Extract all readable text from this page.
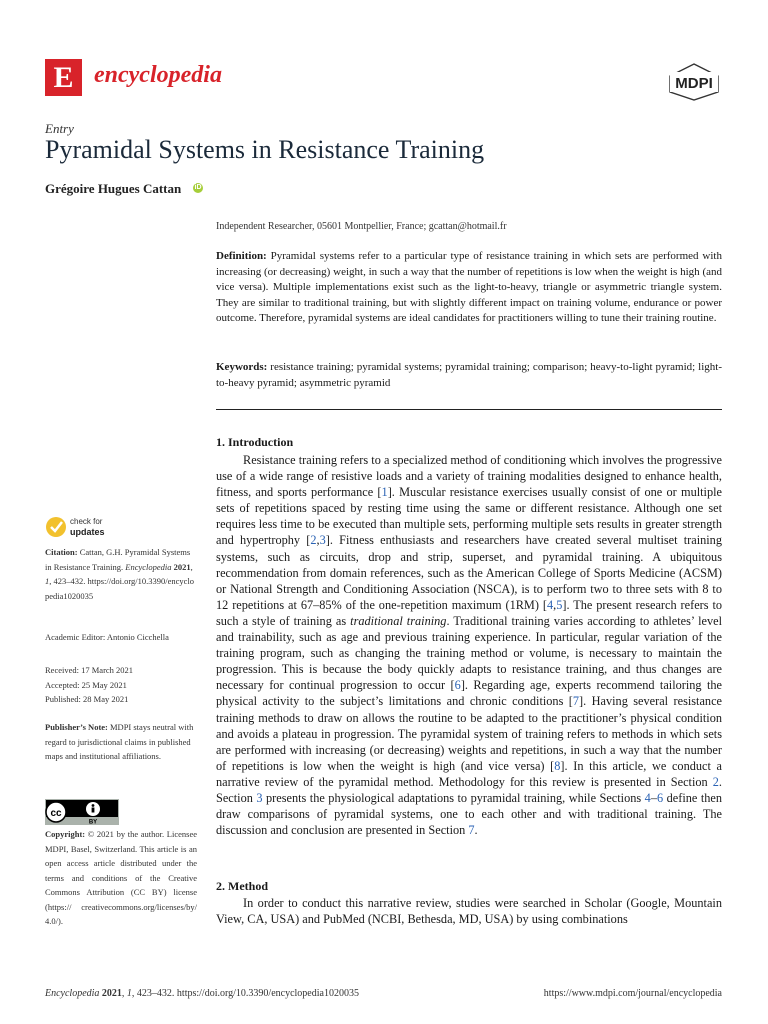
E encyclopedia	MDPI
Entry
Pyramidal Systems in Resistance Training
Grégoire Hugues Cattan iD
Independent Researcher, 05601 Montpellier, France; gcattan@hotmail.fr
Definition: Pyramidal systems refer to a particular type of resistance training in which sets are performed with increasing (or decreasing) weight, in such a way that the number of repetitions is low when the weight is high (and vice versa). Multiple implementations exist such as the light-to-heavy, triangle or asymmetric triangle system. They are similar to traditional training, but with slightly different impact on training volume, endurance or power outcome. Therefore, pyramidal systems are ideal candidates for practitioners willing to tune their training routine.
Keywords: resistance training; pyramidal systems; pyramidal training; comparison; heavy-to-light pyramid; light-to-heavy pyramid; asymmetric pyramid
check for
updates
Citation: Cattan, G.H. Pyramidal Systems in Resistance Training. Encyclopedia 2021, 1, 423–432. https://doi.org/10.3390/encyclopedia1020035
Academic Editor: Antonio Cicchella
Received: 17 March 2021
Accepted: 25 May 2021
Published: 28 May 2021
Publisher’s Note: MDPI stays neutral with regard to jurisdictional claims in published maps and institutional affiliations.
cc
BY
Copyright: © 2021 by the author. Licensee MDPI, Basel, Switzerland. This article is an open access article distributed under the terms and conditions of the Creative Commons Attribution (CC BY) license (https:// creativecommons.org/licenses/by/ 4.0/).
1. Introduction
Resistance training refers to a specialized method of conditioning which involves the progressive use of a wide range of resistive loads and a variety of training modalities designed to enhance health, fitness, and sports performance [1]. Muscular resistance exercises usually consist of one or multiple sets of repetitions spaced by resting time using the same or different resistance. Although one set requires less time to be executed than multiple sets, performing multiple sets results in greater strength and hypertrophy [2,3]. Fitness enthusiasts and researchers have created several multiset training systems, such as circuits, drop and strip, superset, and pyramidal training. A ubiquitous recommendation from domain references, such as the American College of Sports Medicine (ACSM) or National Strength and Conditioning Association (NSCA), is to perform two to three sets with 8 to 12 repetitions at 67–85% of the one-repetition maximum (1RM) [4,5]. The present research refers to such a style of training as traditional training. Traditional training varies according to athletes’ level and trainability, such as age and previous training experience. In particular, regular variation of the training program, such as changing the training method or volume, is necessary to maintain the progression. This is because the body quickly adapts to resistance training, and thus changes are necessary for continual progression to occur [6]. Regarding age, experts recommend tailoring the physical activity to the subject’s limitations and chronic conditions [7]. Having several resistance training methods to draw on allows the routine to be adapted to the practitioner’s physical condition and avoids a plateau in progression. The pyramidal system of training refers to methods in which sets are performed with increasing (or decreasing) weights and repetitions, in such a way that the number of repetitions is low when the weight is high (and vice versa) [8]. In this article, we conduct a narrative review of the pyramidal method. Methodology for this review is presented in Section 2. Section 3 presents the physiological adaptations to pyramidal training, while Sections 4–6 define then draw comparisons of pyramidal systems, one to each other and with traditional training. The discussion and conclusion are presented in Section 7.
2. Method
In order to conduct this narrative review, studies were searched in Scholar (Google, Mountain View, CA, USA) and PubMed (NCBI, Bethesda, MD, USA) by using combinations
Encyclopedia 2021, 1, 423–432. https://doi.org/10.3390/encyclopedia1020035	https://www.mdpi.com/journal/encyclopedia
